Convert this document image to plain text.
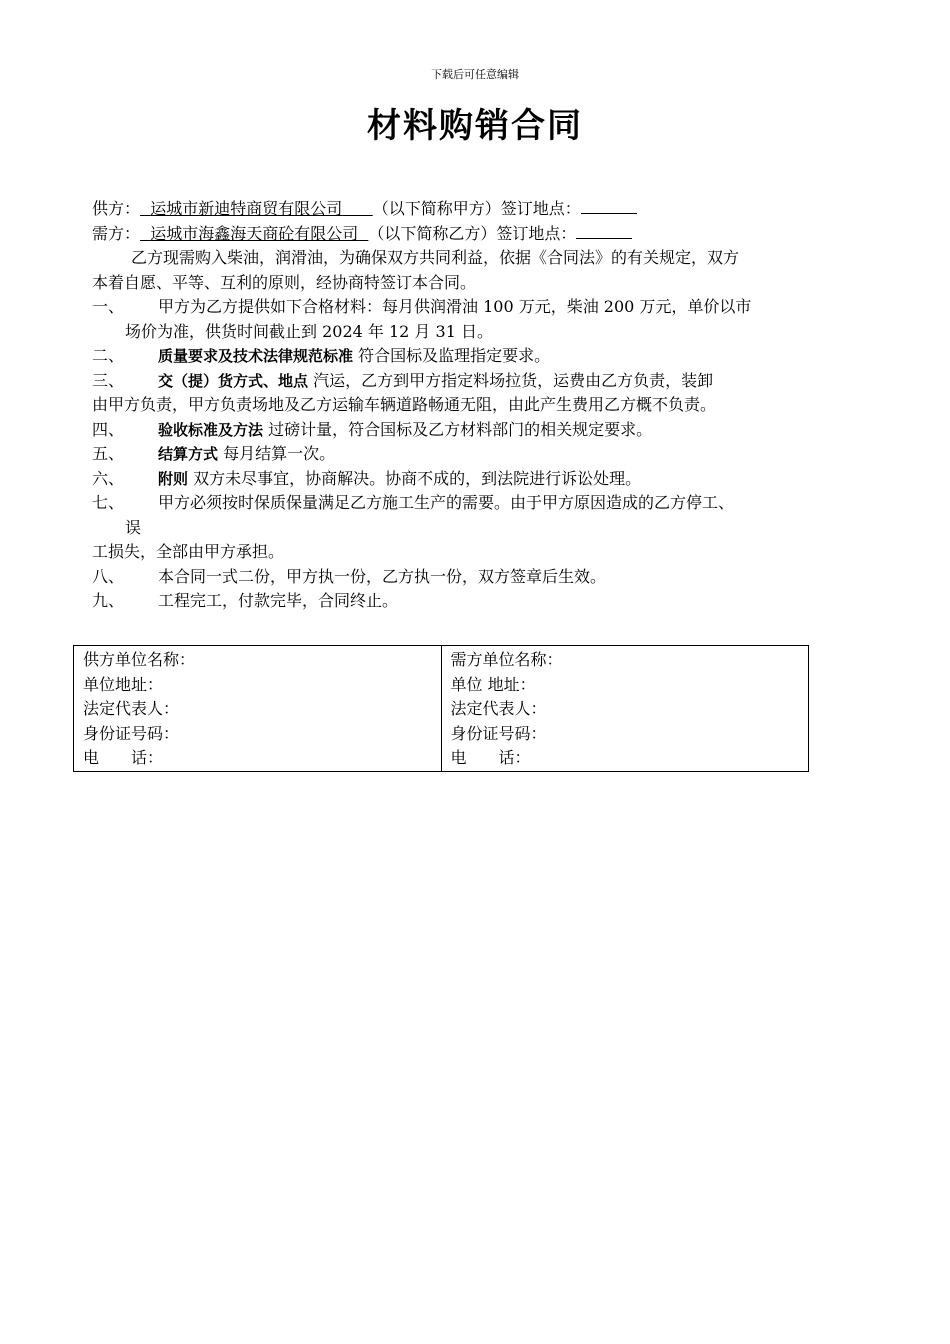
下载后可任意编辑
材料购销合同
供方： 运城市新迪特商贸有限公司 （以下简称甲方）签订地点：
需方： 运城市海鑫海天商砼有限公司 （以下简称乙方）签订地点：
乙方现需购入柴油，润滑油，为确保双方共同利益，依据《合同法》的有关规定，双方
本着自愿、平等、互利的原则，经协商特签订本合同。
一、 甲方为乙方提供如下合格材料：每月供润滑油 100 万元，柴油 200 万元，单价以市
场价为准，供货时间截止到 2024 年 12 月 31 日。
二、 质量要求及技术法律规范标准 符合国标及监理指定要求。
三、 交（提）货方式、地点 汽运，乙方到甲方指定料场拉货，运费由乙方负责，装卸
由甲方负责，甲方负责场地及乙方运输车辆道路畅通无阻，由此产生费用乙方概不负责。
四、 验收标准及方法 过磅计量，符合国标及乙方材料部门的相关规定要求。
五、 结算方式 每月结算一次。
六、 附则 双方未尽事宜，协商解决。协商不成的，到法院进行诉讼处理。
七、 甲方必须按时保质保量满足乙方施工生产的需要。由于甲方原因造成的乙方停工、
误
工损失，全部由甲方承担。
八、 本合同一式二份，甲方执一份，乙方执一份，双方签章后生效。
九、 工程完工，付款完毕，合同终止。
供方单位名称：
单位地址：
法定代表人：
身份证号码：
电　　话：

需方单位名称：
单位 地址：
法定代表人：
身份证号码：
电　　话：
